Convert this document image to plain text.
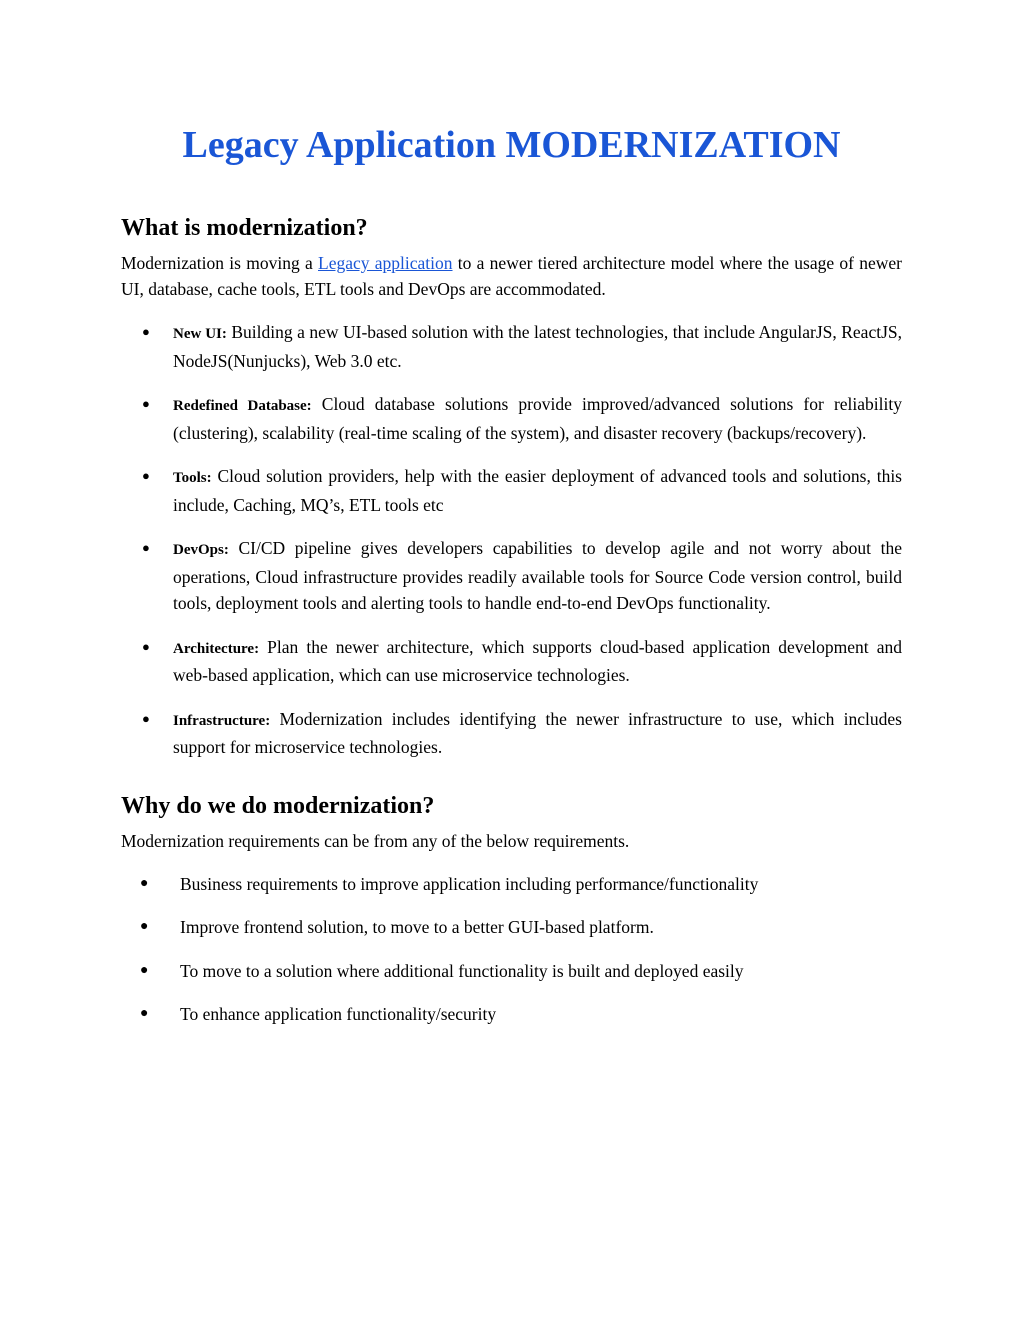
Legacy Application MODERNIZATION
What is modernization?

Modernization is moving a Legacy application to a newer tiered architecture model where the usage of newer UI, database, cache tools, ETL tools and DevOps are accommodated.

● New UI: Building a new UI-based solution with the latest technologies, that include AngularJS, ReactJS, NodeJS(Nunjucks), Web 3.0 etc.
● Redefined Database: Cloud database solutions provide improved/advanced solutions for reliability (clustering), scalability (real-time scaling of the system), and disaster recovery (backups/recovery).
● Tools: Cloud solution providers, help with the easier deployment of advanced tools and solutions, this include, Caching, MQ’s, ETL tools etc
● DevOps: CI/CD pipeline gives developers capabilities to develop agile and not worry about the operations, Cloud infrastructure provides readily available tools for Source Code version control, build tools, deployment tools and alerting tools to handle end-to-end DevOps functionality.
● Architecture: Plan the newer architecture, which supports cloud-based application development and web-based application, which can use microservice technologies.
● Infrastructure: Modernization includes identifying the newer infrastructure to use, which includes support for microservice technologies.
Why do we do modernization?

Modernization requirements can be from any of the below requirements.

● Business requirements to improve application including performance/functionality
● Improve frontend solution, to move to a better GUI-based platform.
● To move to a solution where additional functionality is built and deployed easily
● To enhance application functionality/security
